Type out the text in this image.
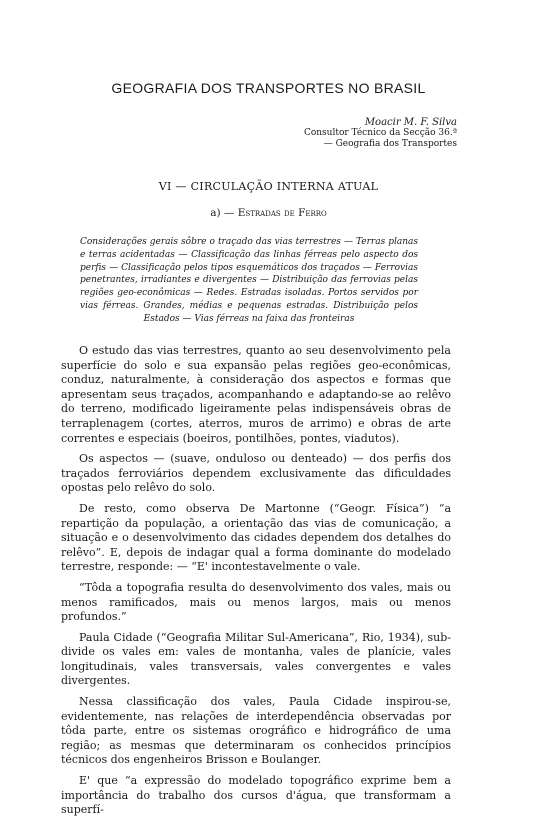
GEOGRAFIA DOS TRANSPORTES NO BRASIL
Moacir M. F. Silva
Consultor Técnico da Secção 36.ª
— Geografia dos Transportes
VI — CIRCULAÇÃO INTERNA ATUAL
a) — Estradas de Ferro

Considerações gerais sôbre o traçado das vias terrestres — Terras planas e terras acidentadas — Classificação das linhas férreas pelo aspecto dos perfis — Classificação pelos tipos esquemáticos dos traçados — Ferrovias penetrantes, irradiantes e divergentes — Distribuição das ferrovias pelas regiões geo-econômicas — Redes. Estradas isoladas. Portos servidos por vias férreas. Grandes, médias e pequenas estradas. Distribuição pelos Estados — Vias férreas na faixa das fronteiras

O estudo das vias terrestres, quanto ao seu desenvolvimento pela superfície do solo e sua expansão pelas regiões geo-econômicas, conduz, naturalmente, à consideração dos aspectos e formas que apresentam seus traçados, acompanhando e adaptando-se ao relêvo do terreno, modificado ligeiramente pelas indispensáveis obras de terraplenagem (cortes, aterros, muros de arrimo) e obras de arte correntes e especiais (boeiros, pontilhões, pontes, viadutos).

Os aspectos — (suave, onduloso ou denteado) — dos perfis dos traçados ferroviários dependem exclusivamente das dificuldades opostas pelo relêvo do solo.

De resto, como observa De Martonne (“Geogr. Física”) “a repartição da população, a orientação das vias de comunicação, a situação e o desenvolvimento das cidades dependem dos detalhes do relêvo”. E, depois de indagar qual a forma dominante do modelado terrestre, responde: — “E' incontestavelmente o vale.

“Tôda a topografia resulta do desenvolvimento dos vales, mais ou menos ramificados, mais ou menos largos, mais ou menos profundos.”

Paula Cidade (“Geografia Militar Sul-Americana”, Rio, 1934), sub-divide os vales em: vales de montanha, vales de planície, vales longitudinais, vales transversais, vales convergentes e vales divergentes.

Nessa classificação dos vales, Paula Cidade inspirou-se, evidentemente, nas relações de interdependência observadas por tôda parte, entre os sistemas orográfico e hidrográfico de uma região; as mesmas que determinaram os conhecidos princípios técnicos dos engenheiros Brisson e Boulanger.

E' que “a expressão do modelado topográfico exprime bem a importância do trabalho dos cursos d'água, que transformam a superfí-
